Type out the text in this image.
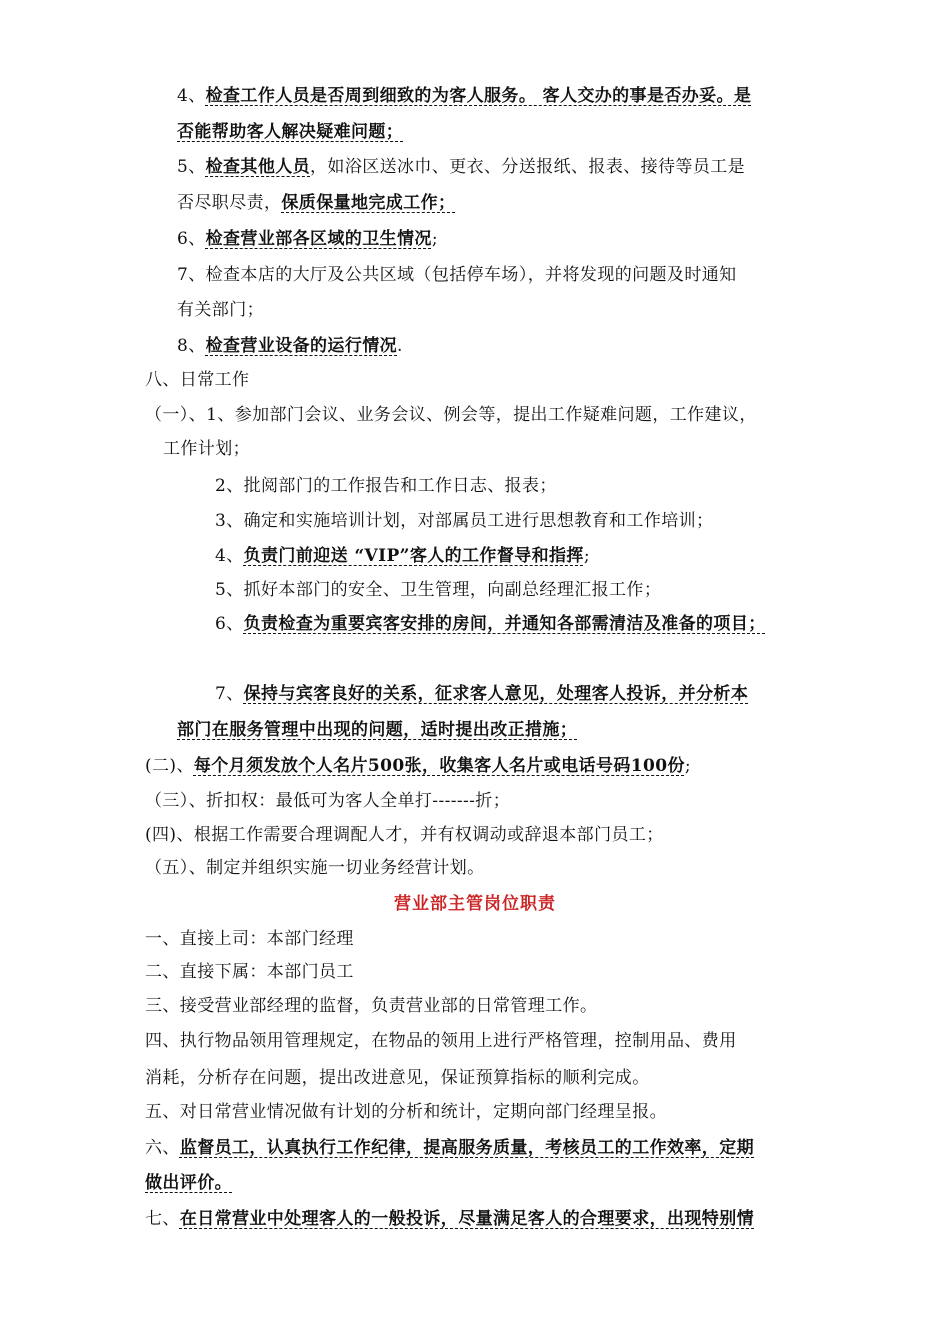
4、检查工作人员是否周到细致的为客人服务。 客人交办的事是否办妥。是
否能帮助客人解决疑难问题；
5、检查其他人员，如浴区送冰巾、更衣、分送报纸、报表、接待等员工是
否尽职尽责，保质保量地完成工作；
6、检查营业部各区域的卫生情况;
7、检查本店的大厅及公共区域（包括停车场），并将发现的问题及时通知
有关部门；
8、检查营业设备的运行情况.
八、日常工作
（一）、1、参加部门会议、业务会议、例会等，提出工作疑难问题，工作建议，
工作计划；
2、批阅部门的工作报告和工作日志、报表；
3、确定和实施培训计划，对部属员工进行思想教育和工作培训；
4、负责门前迎送 “VIP”客人的工作督导和指挥;
5、抓好本部门的安全、卫生管理，向副总经理汇报工作；
6、负责检查为重要宾客安排的房间，并通知各部需清洁及准备的项目；
7、保持与宾客良好的关系，征求客人意见，处理客人投诉，并分析本
部门在服务管理中出现的问题，适时提出改正措施；
(二)、每个月须发放个人名片500张，收集客人名片或电话号码100份;
（三）、折扣权：最低可为客人全单打-------折；
(四)、根据工作需要合理调配人才，并有权调动或辞退本部门员工；
（五）、制定并组织实施一切业务经营计划。
营业部主管岗位职责
一、直接上司：本部门经理
二、直接下属：本部门员工
三、接受营业部经理的监督，负责营业部的日常管理工作。
四、执行物品领用管理规定，在物品的领用上进行严格管理，控制用品、费用
消耗，分析存在问题，提出改进意见，保证预算指标的顺利完成。
五、对日常营业情况做有计划的分析和统计，定期向部门经理呈报。
六、监督员工，认真执行工作纪律，提高服务质量，考核员工的工作效率，定期
做出评价。
七、在日常营业中处理客人的一般投诉，尽量满足客人的合理要求，出现特别情
